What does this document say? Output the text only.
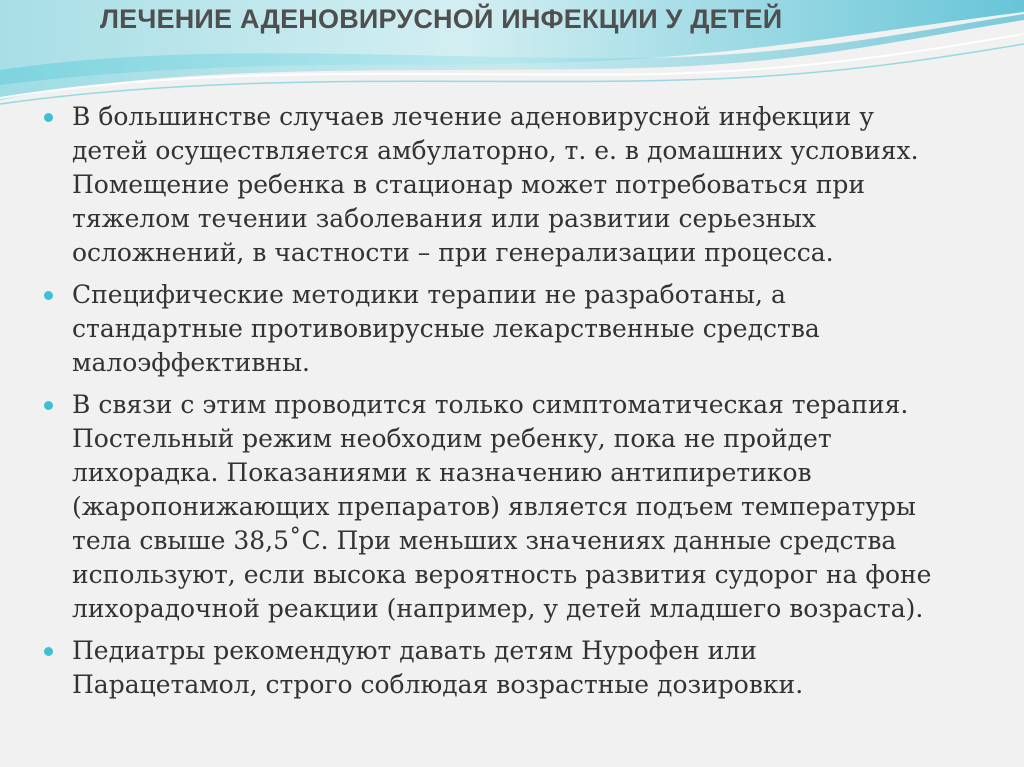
ЛЕЧЕНИЕ АДЕНОВИРУСНОЙ ИНФЕКЦИИ У ДЕТЕЙ
В большинстве случаев лечение аденовирусной инфекции у
детей осуществляется амбулаторно, т. е. в домашних условиях.
Помещение ребенка в стационар может потребоваться при
тяжелом течении заболевания или развитии серьезных
осложнений, в частности – при генерализации процесса.
Специфические методики терапии не разработаны, а
стандартные противовирусные лекарственные средства
малоэффективны.
В связи с этим проводится только симптоматическая терапия.
Постельный режим необходим ребенку, пока не пройдет
лихорадка. Показаниями к назначению антипиретиков
(жаропонижающих препаратов) является подъем температуры
тела свыше 38,5˚С. При меньших значениях данные средства
используют, если высока вероятность развития судорог на фоне
лихорадочной реакции (например, у детей младшего возраста).
Педиатры рекомендуют давать детям Нурофен или
Парацетамол, строго соблюдая возрастные дозировки.
